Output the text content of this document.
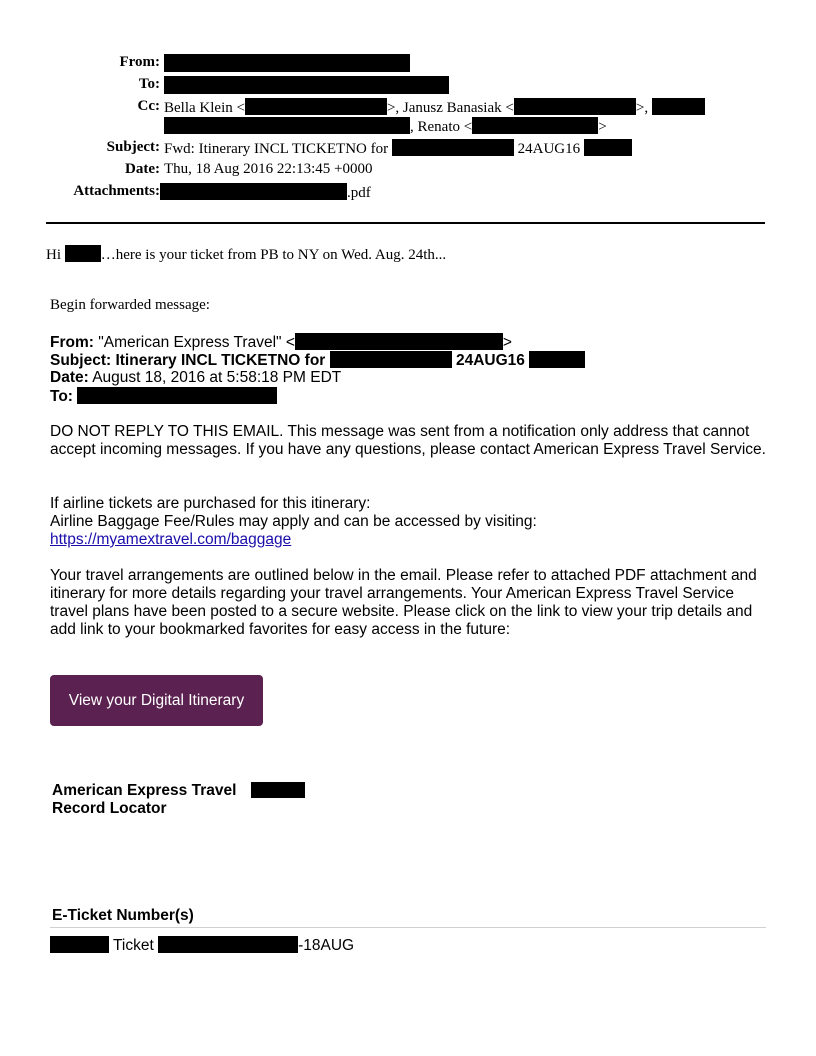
From:
To:
Cc: Bella Klein <	>, Janusz Banasiak <	>,
, Renato <	>
Subject: Fwd: Itinerary INCL TICKETNO for	24AUG16
Date: Thu, 18 Aug 2016 22:13:45 +0000
Attachments:	.pdf
Hi	…here is your ticket from PB to NY on Wed. Aug. 24th...
Begin forwarded message:
From: "American Express Travel" <	>
Subject: Itinerary INCL TICKETNO for	24AUG16
Date: August 18, 2016 at 5:58:18 PM EDT
To:
DO NOT REPLY TO THIS EMAIL. This message was sent from a notification only address that cannot accept incoming messages. If you have any questions, please contact American Express Travel Service.
If airline tickets are purchased for this itinerary:
Airline Baggage Fee/Rules may apply and can be accessed by visiting:
https://myamextravel.com/baggage
Your travel arrangements are outlined below in the email. Please refer to attached PDF attachment and itinerary for more details regarding your travel arrangements. Your American Express Travel Service travel plans have been posted to a secure website. Please click on the link to view your trip details and add link to your bookmarked favorites for easy access in the future:
View your Digital Itinerary
American Express Travel
Record Locator
E-Ticket Number(s)
Ticket	-18AUG
